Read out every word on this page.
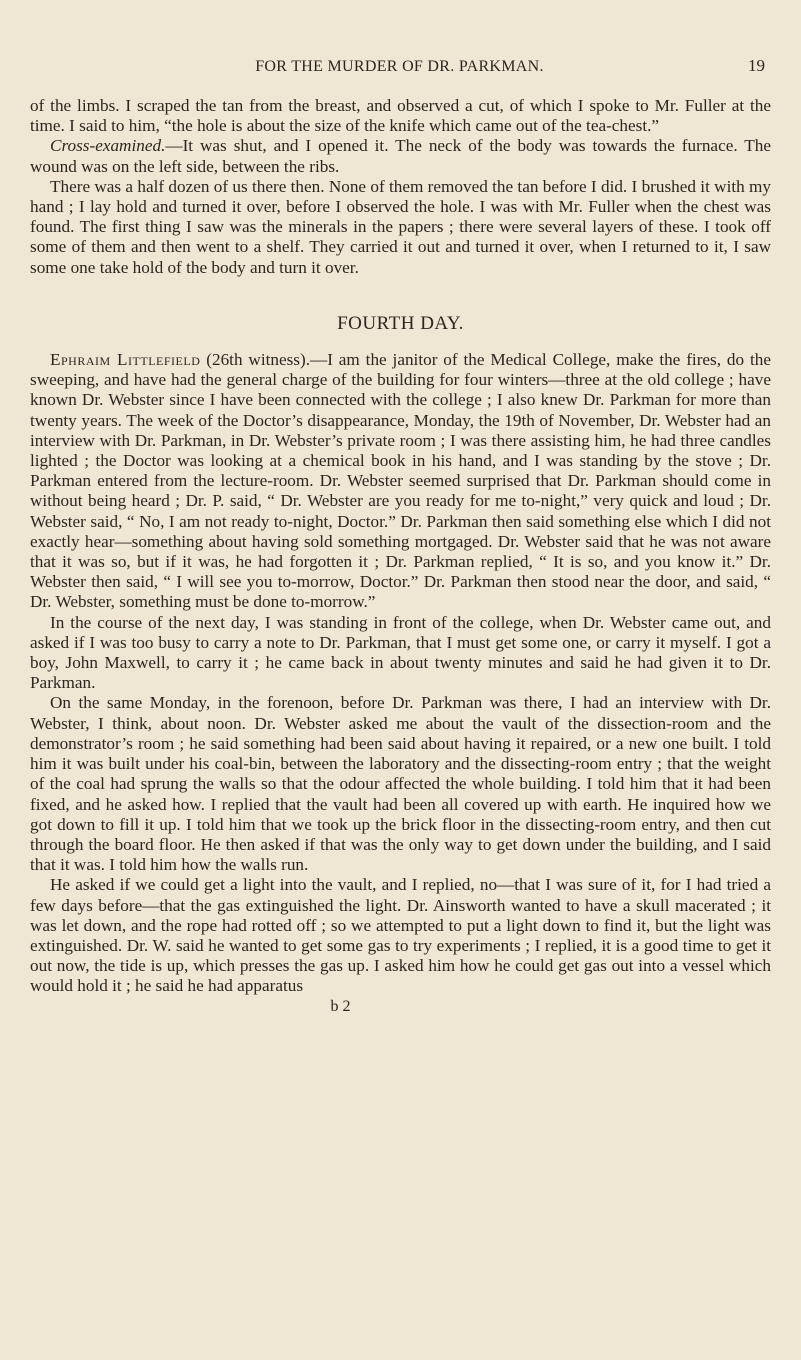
FOR THE MURDER OF DR. PARKMAN.	19

of the limbs. I scraped the tan from the breast, and observed a cut, of which I spoke to Mr. Fuller at the time. I said to him, “the hole is about the size of the knife which came out of the tea-chest.”

Cross-examined.—It was shut, and I opened it. The neck of the body was towards the furnace. The wound was on the left side, between the ribs.

There was a half dozen of us there then. None of them removed the tan before I did. I brushed it with my hand ; I lay hold and turned it over, before I observed the hole. I was with Mr. Fuller when the chest was found. The first thing I saw was the minerals in the papers ; there were several layers of these. I took off some of them and then went to a shelf. They carried it out and turned it over, when I returned to it, I saw some one take hold of the body and turn it over.

FOURTH DAY.

Ephraim Littlefield (26th witness).—I am the janitor of the Medical College, make the fires, do the sweeping, and have had the general charge of the building for four winters—three at the old college ; have known Dr. Webster since I have been connected with the college ; I also knew Dr. Parkman for more than twenty years. The week of the Doctor’s disappearance, Monday, the 19th of November, Dr. Webster had an interview with Dr. Parkman, in Dr. Webster’s private room ; I was there assisting him, he had three candles lighted ; the Doctor was looking at a chemical book in his hand, and I was standing by the stove ; Dr. Parkman entered from the lecture-room. Dr. Webster seemed surprised that Dr. Parkman should come in without being heard ; Dr. P. said, “ Dr. Webster are you ready for me to-night,” very quick and loud ; Dr. Webster said, “ No, I am not ready to-night, Doctor.” Dr. Parkman then said something else which I did not exactly hear—something about having sold something mortgaged. Dr. Webster said that he was not aware that it was so, but if it was, he had forgotten it ; Dr. Parkman replied, “ It is so, and you know it.” Dr. Webster then said, “ I will see you to-morrow, Doctor.” Dr. Parkman then stood near the door, and said, “ Dr. Webster, something must be done to-morrow.”

In the course of the next day, I was standing in front of the college, when Dr. Webster came out, and asked if I was too busy to carry a note to Dr. Parkman, that I must get some one, or carry it myself. I got a boy, John Maxwell, to carry it ; he came back in about twenty minutes and said he had given it to Dr. Parkman.

On the same Monday, in the forenoon, before Dr. Parkman was there, I had an interview with Dr. Webster, I think, about noon. Dr. Webster asked me about the vault of the dissection-room and the demonstrator’s room ; he said something had been said about having it repaired, or a new one built. I told him it was built under his coal-bin, between the laboratory and the dissecting-room entry ; that the weight of the coal had sprung the walls so that the odour affected the whole building. I told him that it had been fixed, and he asked how. I replied that the vault had been all covered up with earth. He inquired how we got down to fill it up. I told him that we took up the brick floor in the dissecting-room entry, and then cut through the board floor. He then asked if that was the only way to get down under the building, and I said that it was. I told him how the walls run.

He asked if we could get a light into the vault, and I replied, no—that I was sure of it, for I had tried a few days before—that the gas extinguished the light. Dr. Ainsworth wanted to have a skull macerated ; it was let down, and the rope had rotted off ; so we attempted to put a light down to find it, but the light was extinguished. Dr. W. said he wanted to get some gas to try experiments ; I replied, it is a good time to get it out now, the tide is up, which presses the gas up. I asked him how he could get gas out into a vessel which would hold it ; he said he had apparatus

b 2
